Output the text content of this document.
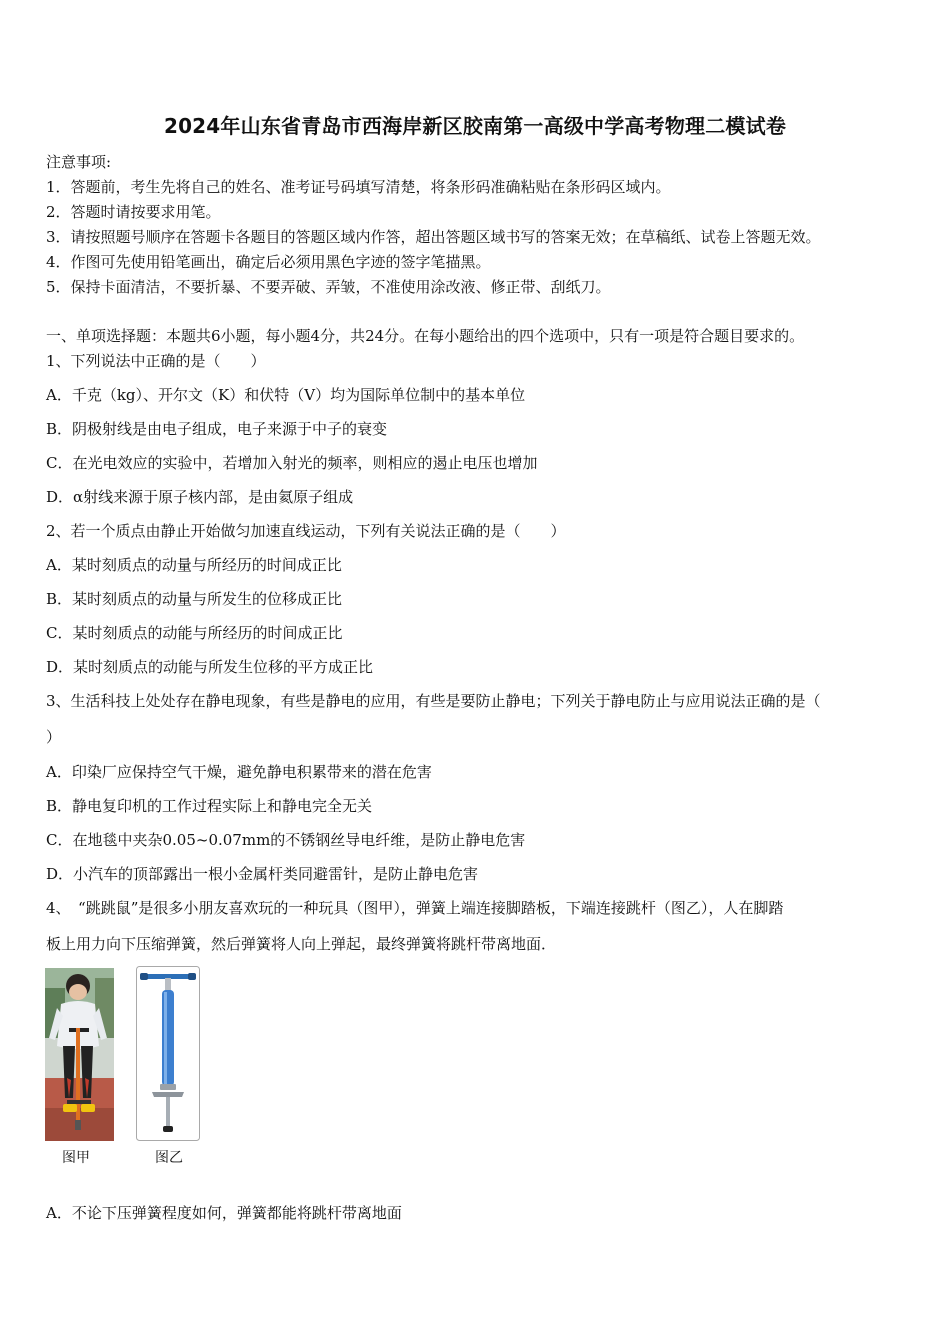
2024年山东省青岛市西海岸新区胶南第一高级中学高考物理二模试卷
注意事项:
1．答题前，考生先将自己的姓名、准考证号码填写清楚，将条形码准确粘贴在条形码区域内。
2．答题时请按要求用笔。
3．请按照题号顺序在答题卡各题目的答题区域内作答，超出答题区域书写的答案无效；在草稿纸、试卷上答题无效。
4．作图可先使用铅笔画出，确定后必须用黑色字迹的签字笔描黑。
5．保持卡面清洁，不要折暴、不要弄破、弄皱，不准使用涂改液、修正带、刮纸刀。
一、单项选择题：本题共6小题，每小题4分，共24分。在每小题给出的四个选项中，只有一项是符合题目要求的。
1、下列说法中正确的是（　　）
A．千克（kg）、开尔文（K）和伏特（V）均为国际单位制中的基本单位
B．阴极射线是由电子组成，电子来源于中子的衰变
C．在光电效应的实验中，若增加入射光的频率，则相应的遏止电压也增加
D．α射线来源于原子核内部，是由氦原子组成
2、若一个质点由静止开始做匀加速直线运动，下列有关说法正确的是（　　）
A．某时刻质点的动量与所经历的时间成正比
B．某时刻质点的动量与所发生的位移成正比
C．某时刻质点的动能与所经历的时间成正比
D．某时刻质点的动能与所发生位移的平方成正比
3、生活科技上处处存在静电现象，有些是静电的应用，有些是要防止静电；下列关于静电防止与应用说法正确的是（
）
A．印染厂应保持空气干燥，避免静电积累带来的潜在危害
B．静电复印机的工作过程实际上和静电完全无关
C．在地毯中夹杂0.05~0.07mm的不锈钢丝导电纤维，是防止静电危害
D．小汽车的顶部露出一根小金属杆类同避雷针，是防止静电危害
4、　“跳跳鼠”是很多小朋友喜欢玩的一种玩具（图甲），弹簧上端连接脚踏板，下端连接跳杆（图乙），人在脚踏
板上用力向下压缩弹簧，然后弹簧将人向上弹起，最终弹簧将跳杆带离地面．
图甲	图乙
A．不论下压弹簧程度如何，弹簧都能将跳杆带离地面
